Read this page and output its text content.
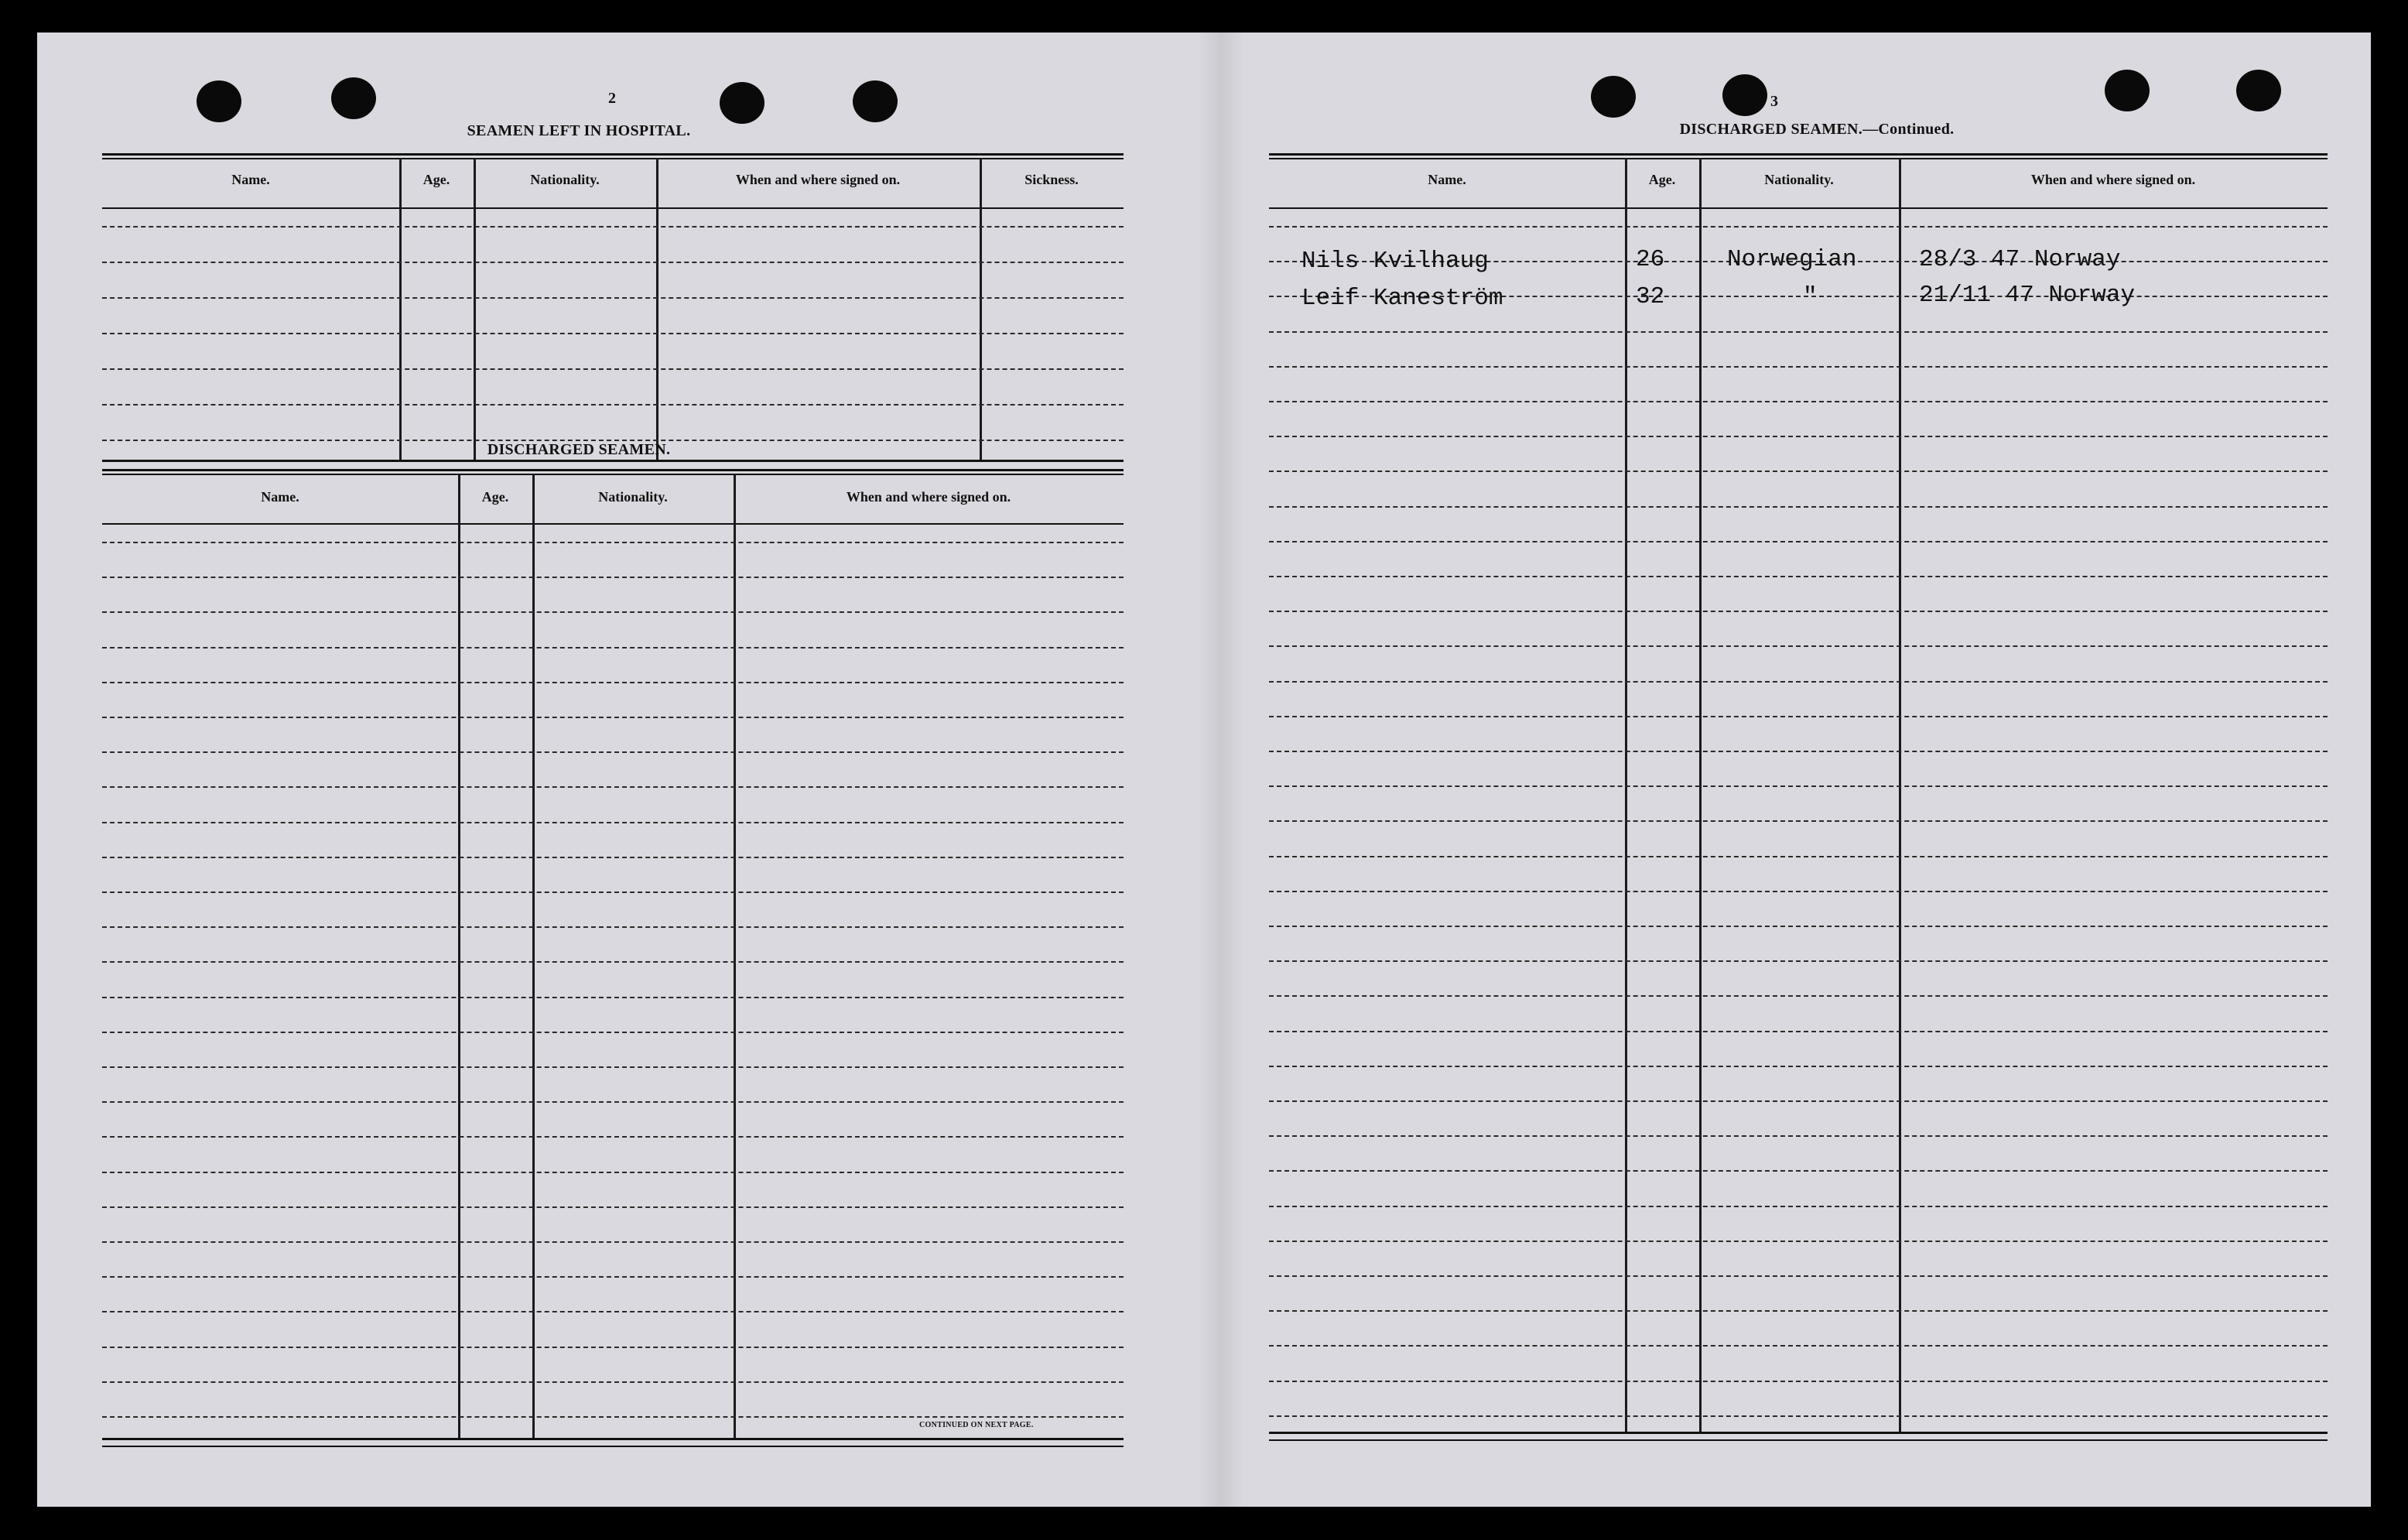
2
SEAMEN LEFT IN HOSPITAL.
Name.	Age.	Nationality.	When and where signed on.	Sickness.
DISCHARGED SEAMEN.
Name.	Age.	Nationality.	When and where signed on.
CONTINUED ON NEXT PAGE.
3
DISCHARGED SEAMEN.—Continued.
Name.	Age.	Nationality.	When and where signed on.
Nils Kvilhaug	26	Norwegian	28/3 47 Norway
Leif Kaneström	32	"	21/11 47 Norway
